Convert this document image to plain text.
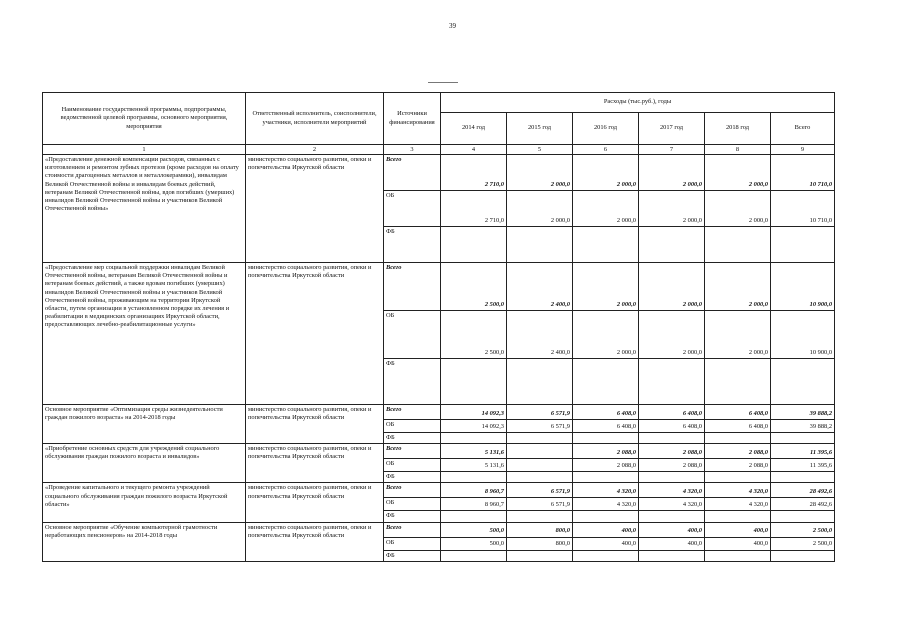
39
Наименование государственной программы, подпрограммы, ведомственной целевой программы, основного мероприятия, мероприятия	Ответственный исполнитель, соисполнители, участники, исполнители мероприятий	Источники финансирования	Расходы (тыс.руб.), годы					
			2014 год	2015 год	2016 год	2017 год	2018 год	Всего
1	2	3	4	5	6	7	8	9
«Предоставление денежной компенсации расходов, связанных с изготовлением и ремонтом зубных протезов (кроме расходов на оплату стоимости драгоценных металлов и металлокерамики), инвалидам Великой Отечественной войны и инвалидам боевых действий, ветеранам Великой Отечественной войны, вдов погибших (умерших) инвалидов Великой Отечественной войны и участников Великой Отечественной войны»	министерство социального развития, опеки и попечительства Иркутской области	Всего	2 710,0	2 000,0	2 000,0	2 000,0	2 000,0	10 710,0
		ОБ	2 710,0	2 000,0	2 000,0	2 000,0	2 000,0	10 710,0
		ФБ						
«Предоставление мер социальной поддержки инвалидам Великой Отечественной войны, ветеранам Великой Отечественной войны и ветеранам боевых действий, а также вдовам погибших (умерших) инвалидов Великой Отечественной войны и участников Великой Отечественной войны, проживающим на территории Иркутской области, путем организации в установленном порядке их лечения и реабилитации в медицинских организациях Иркутской области, предоставляющих лечебно-реабилитационные услуги»	министерство социального развития, опеки и попечительства Иркутской области	Всего	2 500,0	2 400,0	2 000,0	2 000,0	2 000,0	10 900,0
		ОБ	2 500,0	2 400,0	2 000,0	2 000,0	2 000,0	10 900,0
		ФБ						
Основное мероприятие «Оптимизация среды жизнедеятельности граждан пожилого возраста» на 2014-2018 годы	министерство социального развития, опеки и попечительства Иркутской области	Всего	14 092,3	6 571,9	6 408,0	6 408,0	6 408,0	39 888,2
		ОБ	14 092,3	6 571,9	6 408,0	6 408,0	6 408,0	39 888,2
		ФБ						
«Приобретение основных средств для учреждений социального обслуживания граждан пожилого возраста и инвалидов»	министерство социального развития, опеки и попечительства Иркутской области	Всего	5 131,6		2 088,0	2 088,0	2 088,0	11 395,6
		ОБ	5 131,6		2 088,0	2 088,0	2 088,0	11 395,6
		ФБ						
«Проведение капитального и текущего ремонта учреждений социального обслуживания граждан пожилого возраста Иркутской области»	министерство социального развития, опеки и попечительства Иркутской области	Всего	8 960,7	6 571,9	4 320,0	4 320,0	4 320,0	28 492,6
		ОБ	8 960,7	6 571,9	4 320,0	4 320,0	4 320,0	28 492,6
		ФБ						
Основное мероприятие «Обучение компьютерной грамотности неработающих пенсионеров» на 2014-2018 годы	министерство социального развития, опеки и попечительства Иркутской области	Всего	500,0	800,0	400,0	400,0	400,0	2 500,0
		ОБ	500,0	800,0	400,0	400,0	400,0	2 500,0
		ФБ						
